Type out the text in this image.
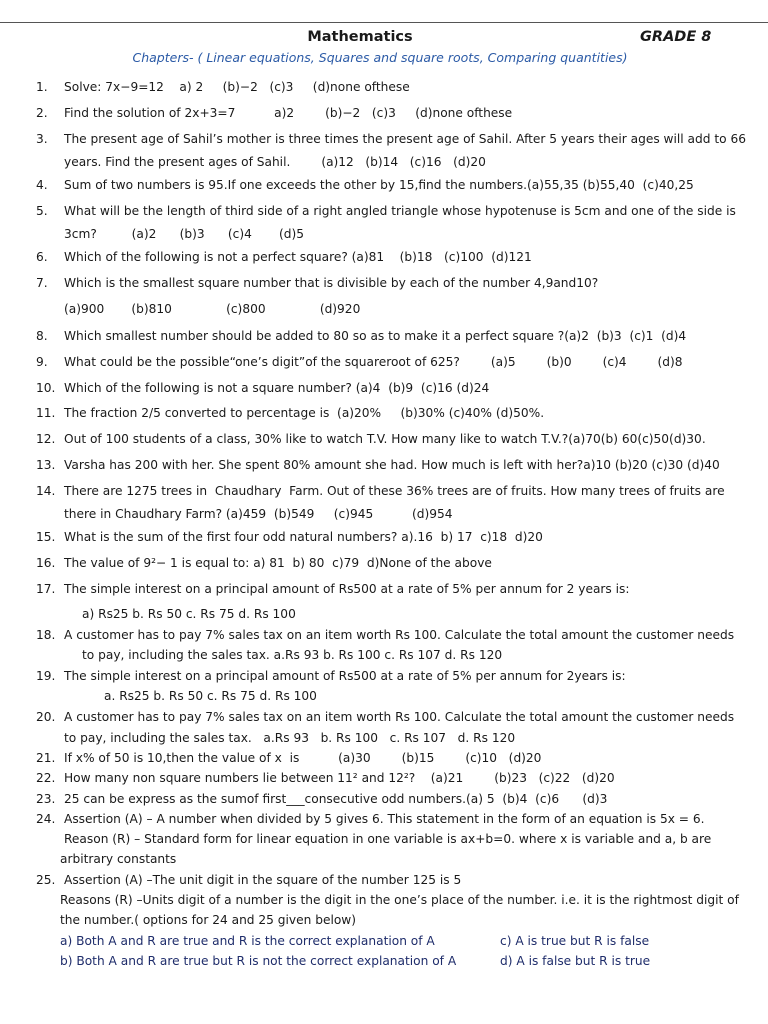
Mathematics	GRADE 8
Chapters- ( Linear equations, Squares and square roots, Comparing quantities)
1. Solve: 7x−9=12    a) 2     (b)−2   (c)3     (d)none ofthese
2. Find the solution of 2x+3=7          a)2        (b)−2   (c)3     (d)none ofthese
3. The present age of Sahil’s mother is three times the present age of Sahil. After 5 years their ages will add to 66
years. Find the present ages of Sahil.        (a)12   (b)14   (c)16   (d)20
4. Sum of two numbers is 95.If one exceeds the other by 15,find the numbers.(a)55,35 (b)55,40  (c)40,25
5. What will be the length of third side of a right angled triangle whose hypotenuse is 5cm and one of the side is
3cm?         (a)2      (b)3      (c)4       (d)5
6. Which of the following is not a perfect square? (a)81    (b)18   (c)100  (d)121
7. Which is the smallest square number that is divisible by each of the number 4,9and10?
(a)900       (b)810              (c)800              (d)920
8. Which smallest number should be added to 80 so as to make it a perfect square ?(a)2  (b)3  (c)1  (d)4
9. What could be the possible“one’s digit”of the squareroot of 625?        (a)5        (b)0        (c)4        (d)8
10. Which of the following is not a square number? (a)4  (b)9  (c)16 (d)24
11. The fraction 2/5 converted to percentage is  (a)20%     (b)30% (c)40% (d)50%.
12. Out of 100 students of a class, 30% like to watch T.V. How many like to watch T.V.?(a)70(b) 60(c)50(d)30.
13. Varsha has 200 with her. She spent 80% amount she had. How much is left with her?a)10 (b)20 (c)30 (d)40
14. There are 1275 trees in  Chaudhary  Farm. Out of these 36% trees are of fruits. How many trees of fruits are
there in Chaudhary Farm? (a)459  (b)549     (c)945          (d)954
15. What is the sum of the first four odd natural numbers? a).16  b) 17  c)18  d)20
16. The value of 9²− 1 is equal to: a) 81  b) 80  c)79  d)None of the above
17. The simple interest on a principal amount of Rs500 at a rate of 5% per annum for 2 years is:
18. A customer has to pay 7% sales tax on an item worth Rs 100. Calculate the total amount the customer needs
19. The simple interest on a principal amount of Rs500 at a rate of 5% per annum for 2years is:
20. A customer has to pay 7% sales tax on an item worth Rs 100. Calculate the total amount the customer needs
to pay, including the sales tax.   a.Rs 93   b. Rs 100   c. Rs 107   d. Rs 120
21. If x% of 50 is 10,then the value of x  is          (a)30        (b)15        (c)10   (d)20
22. How many non square numbers lie between 11² and 12²?    (a)21        (b)23   (c)22   (d)20
23. 25 can be express as the sumof first___consecutive odd numbers.(a) 5  (b)4  (c)6      (d)3
24. Assertion (A) – A number when divided by 5 gives 6. This statement in the form of an equation is 5x = 6.
25. Assertion (A) –The unit digit in the square of the number 125 is 5
a) Rs25 b. Rs 50 c. Rs 75 d. Rs 100
to pay, including the sales tax. a.Rs 93 b. Rs 100 c. Rs 107 d. Rs 120
a. Rs25 b. Rs 50 c. Rs 75 d. Rs 100
Reason (R) – Standard form for linear equation in one variable is ax+b=0. where x is variable and a, b are
arbitrary constants
Reasons (R) –Units digit of a number is the digit in the one’s place of the number. i.e. it is the rightmost digit of
the number.( options for 24 and 25 given below)
a) Both A and R are true and R is the correct explanation of A
b) Both A and R are true but R is not the correct explanation of A
c) A is true but R is false
d) A is false but R is true
